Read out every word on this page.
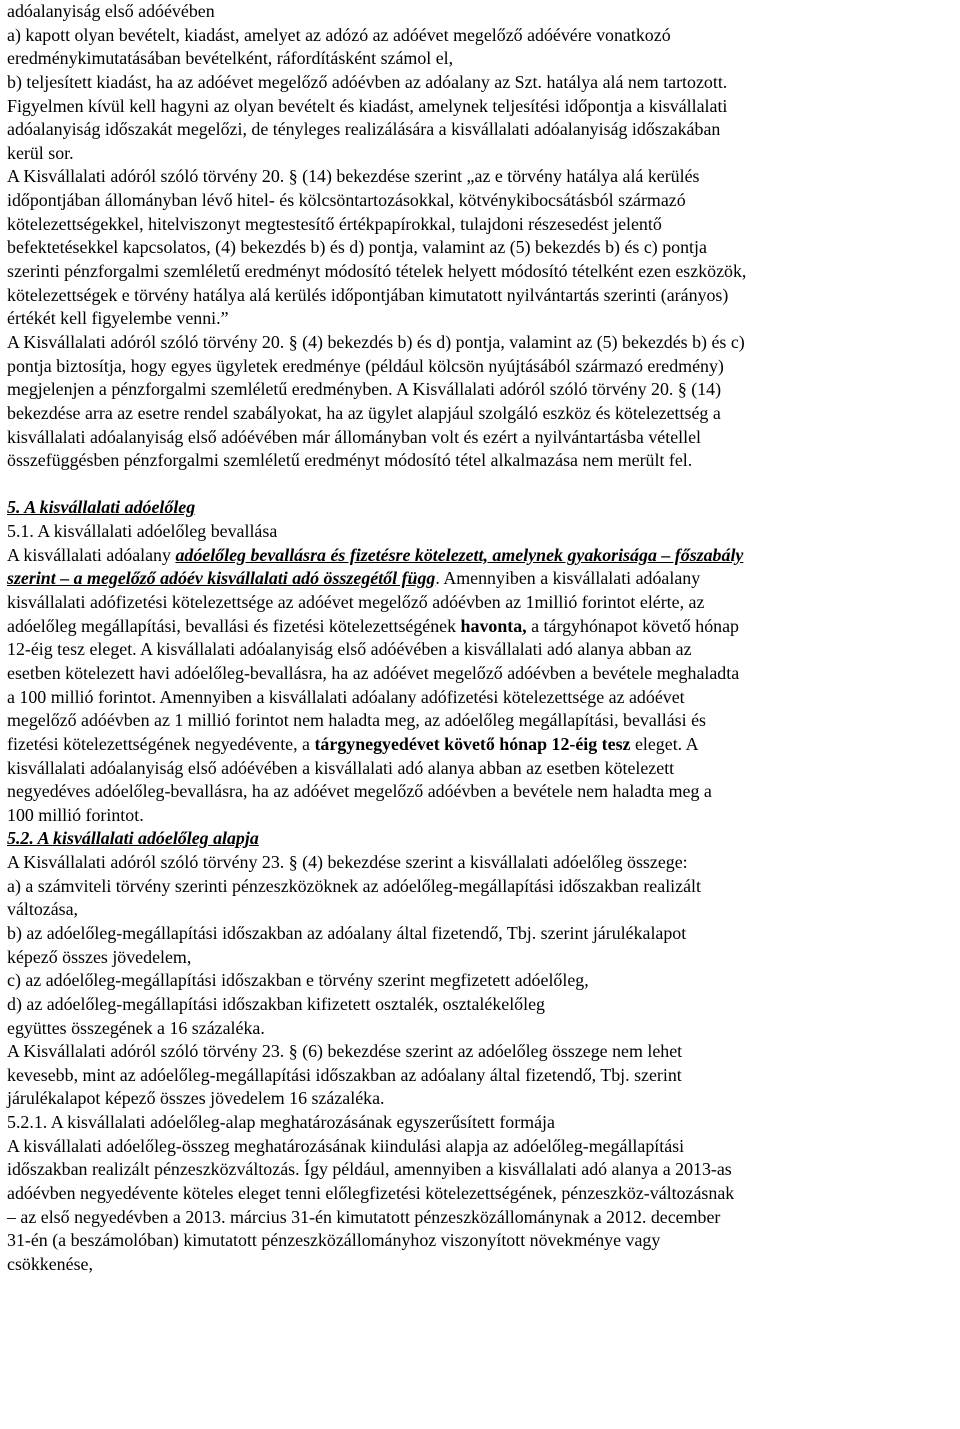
adóalanyiság első adóévében
a) kapott olyan bevételt, kiadást, amelyet az adózó az adóévet megelőző adóévére vonatkozó
eredménykimutatásában bevételként, ráfordításként számol el,
b) teljesített kiadást, ha az adóévet megelőző adóévben az adóalany az Szt. hatálya alá nem tartozott.
Figyelmen kívül kell hagyni az olyan bevételt és kiadást, amelynek teljesítési időpontja a kisvállalati
adóalanyiság időszakát megelőzi, de tényleges realizálására a kisvállalati adóalanyiság időszakában
kerül sor.
A Kisvállalati adóról szóló törvény 20. § (14) bekezdése szerint „az e törvény hatálya alá kerülés
időpontjában állományban lévő hitel- és kölcsöntartozásokkal, kötvénykibocsátásból származó
kötelezettségekkel, hitelviszonyt megtestesítő értékpapírokkal, tulajdoni részesedést jelentő
befektetésekkel kapcsolatos, (4) bekezdés b) és d) pontja, valamint az (5) bekezdés b) és c) pontja
szerinti pénzforgalmi szemléletű eredményt módosító tételek helyett módosító tételként ezen eszközök,
kötelezettségek e törvény hatálya alá kerülés időpontjában kimutatott nyilvántartás szerinti (arányos)
értékét kell figyelembe venni.”
A Kisvállalati adóról szóló törvény 20. § (4) bekezdés b) és d) pontja, valamint az (5) bekezdés b) és c)
pontja biztosítja, hogy egyes ügyletek eredménye (például kölcsön nyújtásából származó eredmény)
megjelenjen a pénzforgalmi szemléletű eredményben. A Kisvállalati adóról szóló törvény 20. § (14)
bekezdése arra az esetre rendel szabályokat, ha az ügylet alapjául szolgáló eszköz és kötelezettség a
kisvállalati adóalanyiság első adóévében már állományban volt és ezért a nyilvántartásba vétellel
összefüggésben pénzforgalmi szemléletű eredményt módosító tétel alkalmazása nem merült fel.
5. A kisvállalati adóelőleg
5.1. A kisvállalati adóelőleg bevallása
A kisvállalati adóalany adóelőleg bevallásra és fizetésre kötelezett, amelynek gyakorisága – főszabály
szerint – a megelőző adóév kisvállalati adó összegétől függ. Amennyiben a kisvállalati adóalany
kisvállalati adófizetési kötelezettsége az adóévet megelőző adóévben az 1millió forintot elérte, az
adóelőleg megállapítási, bevallási és fizetési kötelezettségének havonta, a tárgyhónapot követő hónap
12-éig tesz eleget. A kisvállalati adóalanyiság első adóévében a kisvállalati adó alanya abban az
esetben kötelezett havi adóelőleg-bevallásra, ha az adóévet megelőző adóévben a bevétele meghaladta
a 100 millió forintot. Amennyiben a kisvállalati adóalany adófizetési kötelezettsége az adóévet
megelőző adóévben az 1 millió forintot nem haladta meg, az adóelőleg megállapítási, bevallási és
fizetési kötelezettségének negyedévente, a tárgynegyedévet követő hónap 12-éig tesz eleget. A
kisvállalati adóalanyiság első adóévében a kisvállalati adó alanya abban az esetben kötelezett
negyedéves adóelőleg-bevallásra, ha az adóévet megelőző adóévben a bevétele nem haladta meg a
100 millió forintot.
5.2. A kisvállalati adóelőleg alapja
A Kisvállalati adóról szóló törvény 23. § (4) bekezdése szerint a kisvállalati adóelőleg összege:
a) a számviteli törvény szerinti pénzeszközöknek az adóelőleg-megállapítási időszakban realizált
változása,
b) az adóelőleg-megállapítási időszakban az adóalany által fizetendő, Tbj. szerint járulékalapot
képező összes jövedelem,
c) az adóelőleg-megállapítási időszakban e törvény szerint megfizetett adóelőleg,
d) az adóelőleg-megállapítási időszakban kifizetett osztalék, osztalékelőleg
együttes összegének a 16 százaléka.
A Kisvállalati adóról szóló törvény 23. § (6) bekezdése szerint az adóelőleg összege nem lehet
kevesebb, mint az adóelőleg-megállapítási időszakban az adóalany által fizetendő, Tbj. szerint
járulékalapot képező összes jövedelem 16 százaléka.
5.2.1. A kisvállalati adóelőleg-alap meghatározásának egyszerűsített formája
A kisvállalati adóelőleg-összeg meghatározásának kiindulási alapja az adóelőleg-megállapítási
időszakban realizált pénzeszközváltozás. Így például, amennyiben a kisvállalati adó alanya a 2013-as
adóévben negyedévente köteles eleget tenni előlegfizetési kötelezettségének, pénzeszköz-változásnak
– az első negyedévben a 2013. március 31-én kimutatott pénzeszközállománynak a 2012. december
31-én (a beszámolóban) kimutatott pénzeszközállományhoz viszonyított növekménye vagy
csökkenése,
